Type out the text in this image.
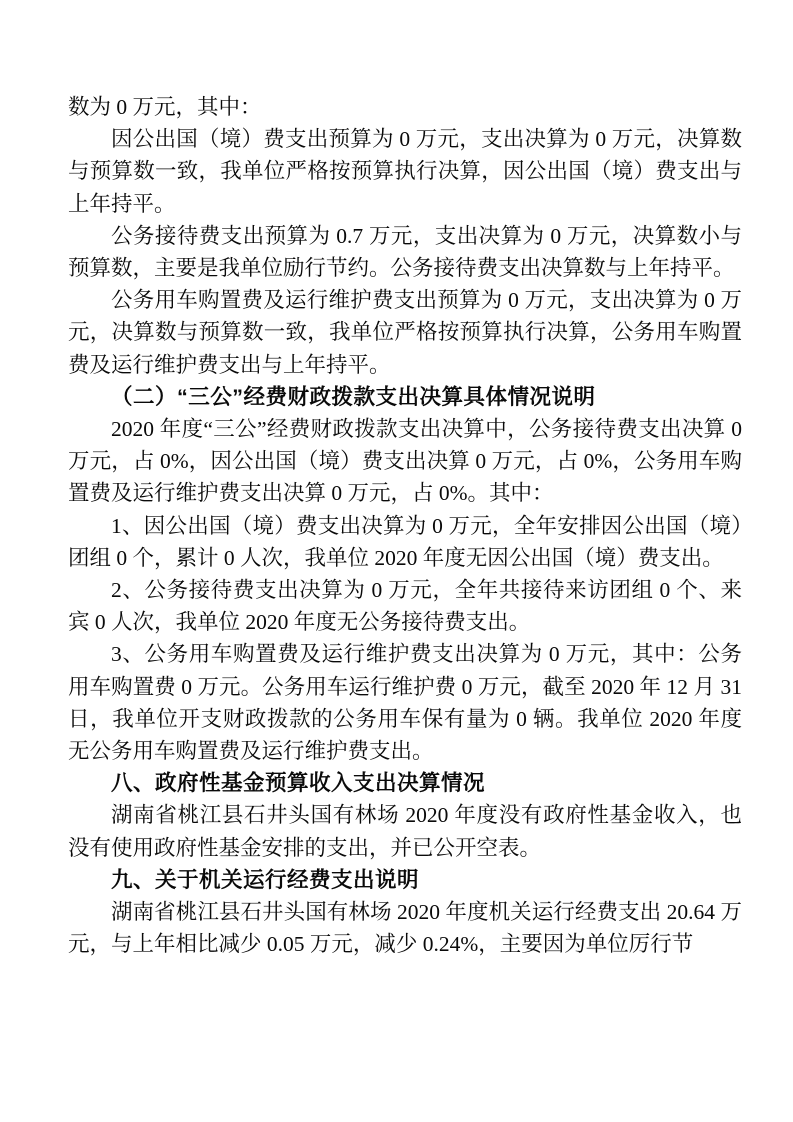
数为 0 万元，其中：

因公出国（境）费支出预算为 0 万元，支出决算为 0 万元，决算数与预算数一致，我单位严格按预算执行决算，因公出国（境）费支出与上年持平。

公务接待费支出预算为 0.7 万元，支出决算为 0 万元，决算数小与预算数，主要是我单位励行节约。公务接待费支出决算数与上年持平。

公务用车购置费及运行维护费支出预算为 0 万元，支出决算为 0 万元，决算数与预算数一致，我单位严格按预算执行决算，公务用车购置费及运行维护费支出与上年持平。

（二）“三公”经费财政拨款支出决算具体情况说明

2020 年度“三公”经费财政拨款支出决算中，公务接待费支出决算 0 万元，占 0%，因公出国（境）费支出决算 0 万元，占 0%，公务用车购置费及运行维护费支出决算 0 万元，占 0%。其中：

1、因公出国（境）费支出决算为 0 万元，全年安排因公出国（境）团组 0 个，累计 0 人次，我单位 2020 年度无因公出国（境）费支出。

2、公务接待费支出决算为 0 万元，全年共接待来访团组 0 个、来宾 0 人次，我单位 2020 年度无公务接待费支出。

3、公务用车购置费及运行维护费支出决算为 0 万元，其中：公务用车购置费 0 万元。公务用车运行维护费 0 万元，截至 2020 年 12 月 31 日，我单位开支财政拨款的公务用车保有量为 0 辆。我单位 2020 年度无公务用车购置费及运行维护费支出。

八、政府性基金预算收入支出决算情况

湖南省桃江县石井头国有林场 2020 年度没有政府性基金收入，也没有使用政府性基金安排的支出，并已公开空表。

九、关于机关运行经费支出说明

湖南省桃江县石井头国有林场 2020 年度机关运行经费支出 20.64 万元，与上年相比减少 0.05 万元，减少 0.24%，主要因为单位厉行节
